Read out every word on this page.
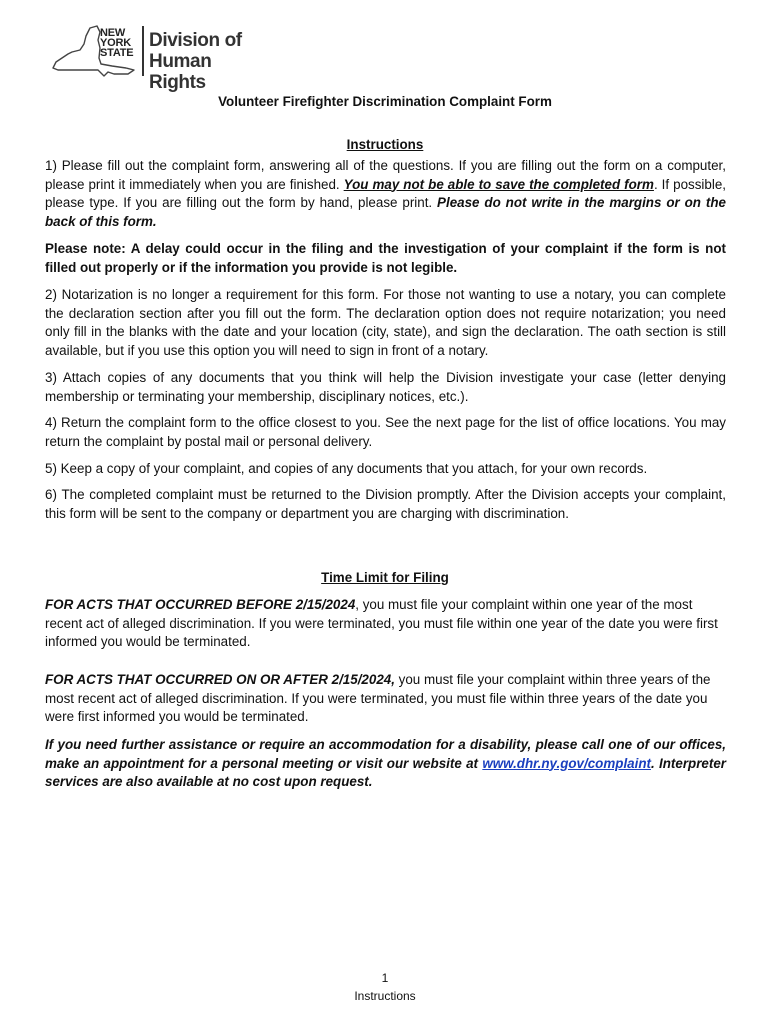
NEW
YORK
STATE
Division of
Human Rights
Volunteer Firefighter Discrimination Complaint Form
Instructions
1) Please fill out the complaint form, answering all of the questions. If you are filling out the form on a computer, please print it immediately when you are finished. You may not be able to save the completed form. If possible, please type. If you are filling out the form by hand, please print. Please do not write in the margins or on the back of this form.
Please note: A delay could occur in the filing and the investigation of your complaint if the form is not filled out properly or if the information you provide is not legible.
2) Notarization is no longer a requirement for this form. For those not wanting to use a notary, you can complete the declaration section after you fill out the form. The declaration option does not require notarization; you need only fill in the blanks with the date and your location (city, state), and sign the declaration. The oath section is still available, but if you use this option you will need to sign in front of a notary.
3) Attach copies of any documents that you think will help the Division investigate your case (letter denying membership or terminating your membership, disciplinary notices, etc.).
4) Return the complaint form to the office closest to you. See the next page for the list of office locations. You may return the complaint by postal mail or personal delivery.
5) Keep a copy of your complaint, and copies of any documents that you attach, for your own records.
6) The completed complaint must be returned to the Division promptly. After the Division accepts your complaint, this form will be sent to the company or department you are charging with discrimination.
Time Limit for Filing
FOR ACTS THAT OCCURRED BEFORE 2/15/2024, you must file your complaint within one year of the most recent act of alleged discrimination. If you were terminated, you must file within one year of the date you were first informed you would be terminated.
FOR ACTS THAT OCCURRED ON OR AFTER 2/15/2024, you must file your complaint within three years of the most recent act of alleged discrimination. If you were terminated, you must file within three years of the date you were first informed you would be terminated.
If you need further assistance or require an accommodation for a disability, please call one of our offices, make an appointment for a personal meeting or visit our website at www.dhr.ny.gov/complaint. Interpreter services are also available at no cost upon request.
1
Instructions
